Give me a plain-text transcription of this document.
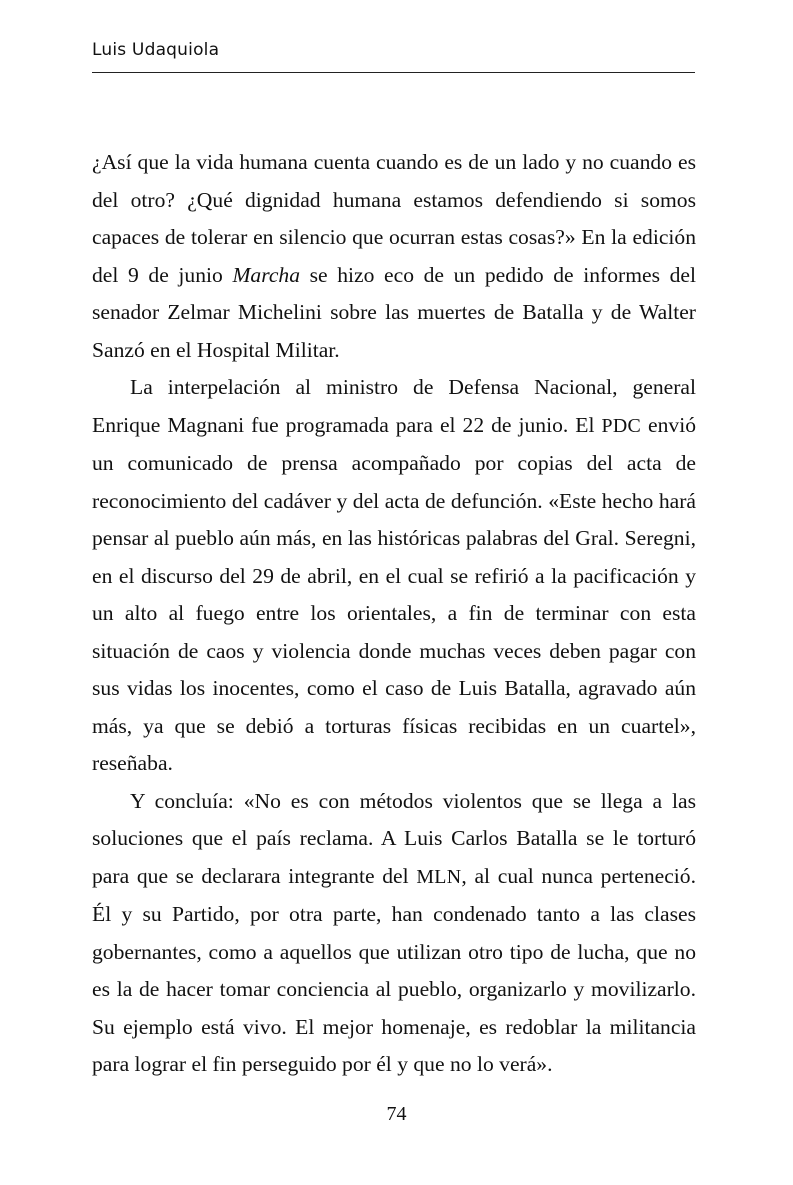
Luis Udaquiola

¿Así que la vida humana cuenta cuando es de un lado y no cuando es del otro? ¿Qué dignidad humana estamos defendiendo si somos capaces de tolerar en silencio que ocurran estas cosas?» En la edición del 9 de junio Marcha se hizo eco de un pedido de informes del senador Zelmar Michelini sobre las muertes de Batalla y de Walter Sanzó en el Hospital Militar.

La interpelación al ministro de Defensa Nacional, general Enrique Magnani fue programada para el 22 de junio. El PDC envió un comunicado de prensa acompañado por copias del acta de reconocimiento del cadáver y del acta de defunción. «Este hecho hará pensar al pueblo aún más, en las históricas palabras del Gral. Seregni, en el discurso del 29 de abril, en el cual se refirió a la pacificación y un alto al fuego entre los orientales, a fin de terminar con esta situación de caos y violencia donde muchas veces deben pagar con sus vidas los inocentes, como el caso de Luis Batalla, agravado aún más, ya que se debió a torturas físicas recibidas en un cuartel», reseñaba.

Y concluía: «No es con métodos violentos que se llega a las soluciones que el país reclama. A Luis Carlos Batalla se le torturó para que se declarara integrante del MLN, al cual nunca perteneció. Él y su Partido, por otra parte, han condenado tanto a las clases gobernantes, como a aquellos que utilizan otro tipo de lucha, que no es la de hacer tomar conciencia al pueblo, organizarlo y movilizarlo. Su ejemplo está vivo. El mejor homenaje, es redoblar la militancia para lograr el fin perseguido por él y que no lo verá».

74
